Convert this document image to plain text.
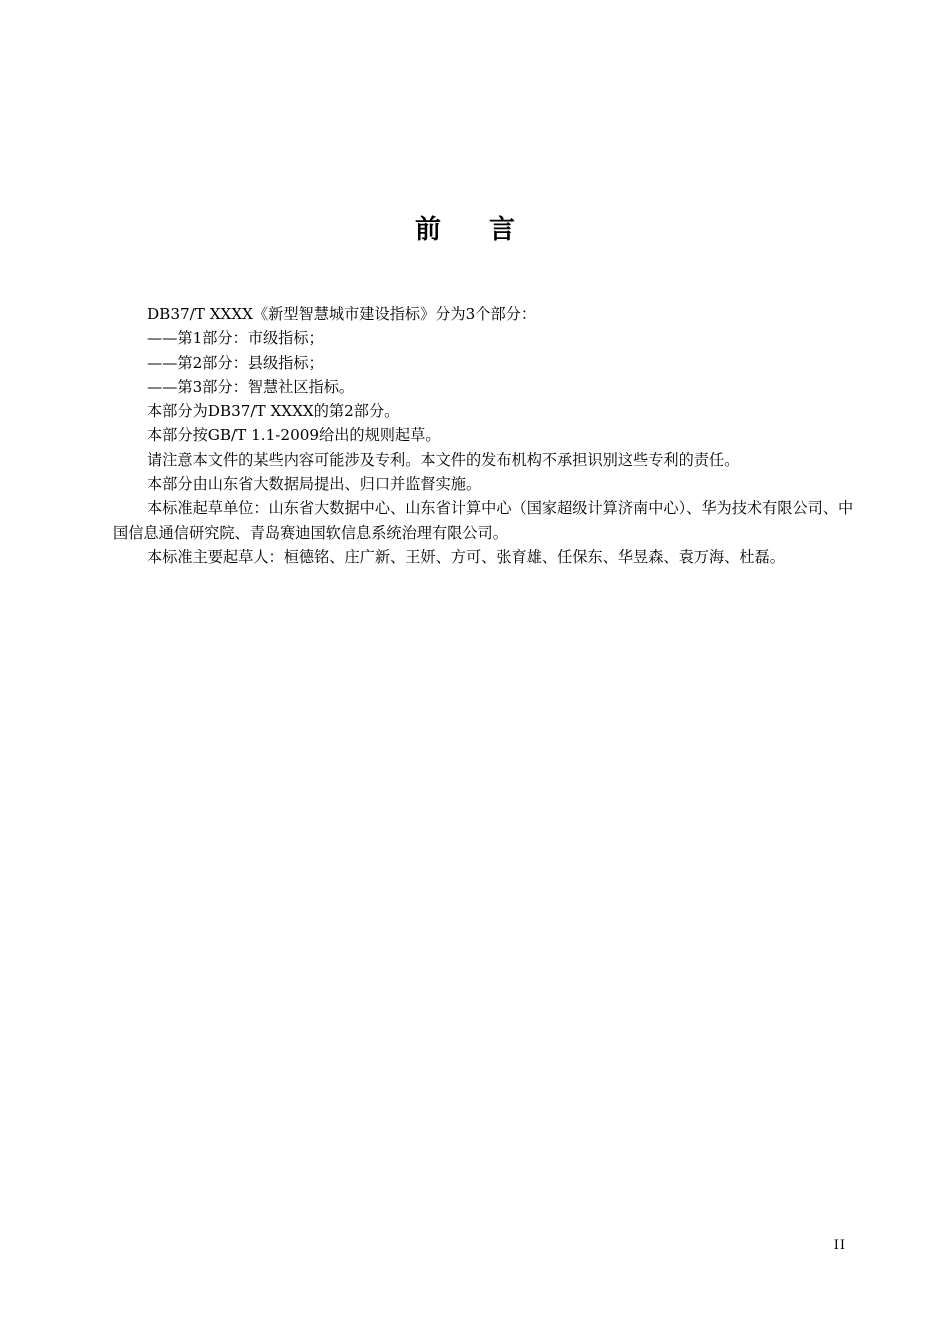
前言

DB37/T XXXX《新型智慧城市建设指标》分为3个部分：

——第1部分：市级指标；

——第2部分：县级指标；

——第3部分：智慧社区指标。

本部分为DB37/T XXXX的第2部分。

本部分按GB/T 1.1-2009给出的规则起草。

请注意本文件的某些内容可能涉及专利。本文件的发布机构不承担识别这些专利的责任。

本部分由山东省大数据局提出、归口并监督实施。

本标准起草单位：山东省大数据中心、山东省计算中心（国家超级计算济南中心）、华为技术有限公司、中国信息通信研究院、青岛赛迪国软信息系统治理有限公司。

本标准主要起草人：桓德铭、庄广新、王妍、方可、张育雄、任保东、华昱森、袁万海、杜磊。

II
